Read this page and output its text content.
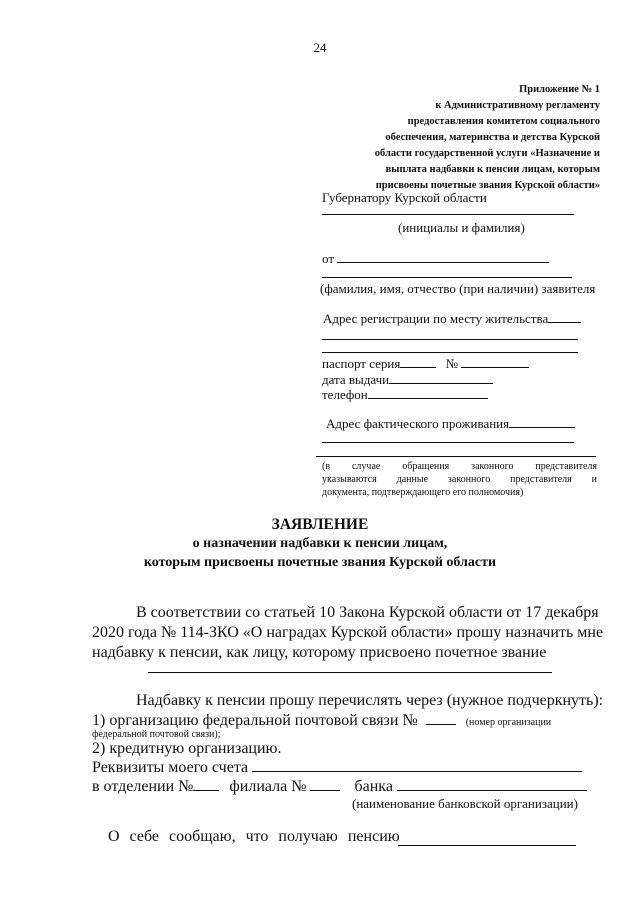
24
Приложение № 1
к Административному регламенту
предоставления комитетом социального
обеспечения, материнства и детства Курской
области государственной услуги «Назначение и
выплата надбавки к пенсии лицам, которым
присвоены почетные звания Курской области»
Губернатору Курской области
(инициалы и фамилия)
от
(фамилия, имя, отчество (при наличии) заявителя
Адрес регистрации по месту жительства
паспорт серия	№
дата выдачи
телефон
Адрес фактического проживания
(в случае обращения законного представителя
указываются данные законного представителя и
документа, подтверждающего его полномочия)
ЗАЯВЛЕНИЕ
о назначении надбавки к пенсии лицам,
которым присвоены почетные звания Курской области
В соответствии со статьей 10 Закона Курской области от 17 декабря
2020 года № 114-ЗКО «О наградах Курской области» прошу назначить мне
надбавку к пенсии, как лицу, которому присвоено почетное звание
Надбавку к пенсии прошу перечислять через (нужное подчеркнуть):
1) организацию федеральной почтовой связи №	(номер организации
федеральной почтовой связи);
2) кредитную организацию.
Реквизиты моего счета
в отделении № филиала №	банка
(наименование банковской организации)
О себе сообщаю, что получаю пенсию
